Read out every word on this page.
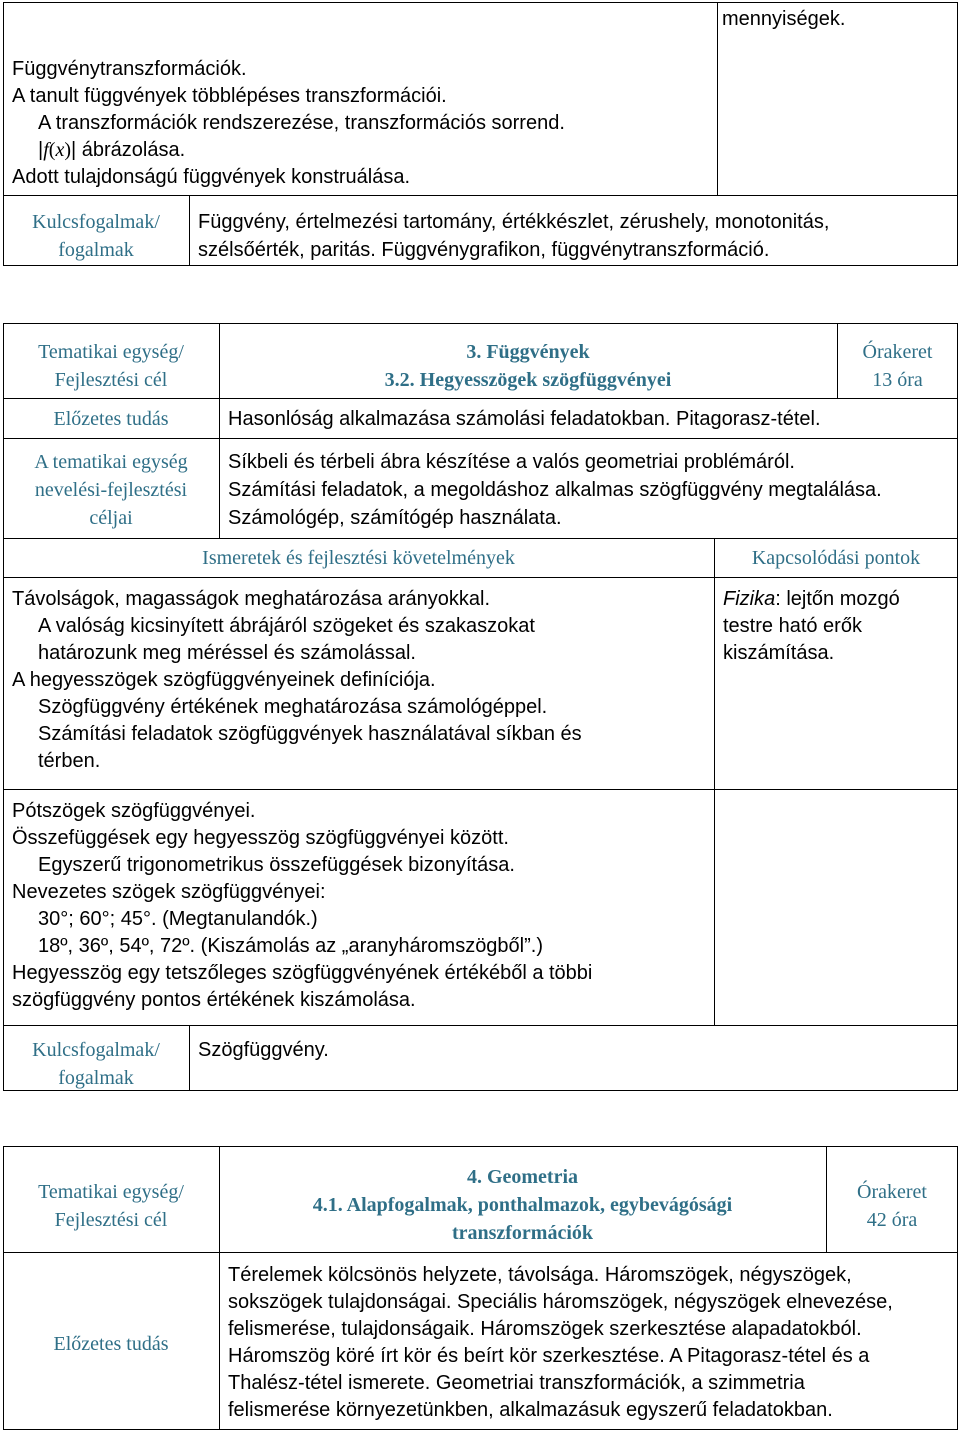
mennyiségek.
Függvénytranszformációk.
A tanult függvények többlépéses transzformációi.
A transzformációk rendszerezése, transzformációs sorrend.
​|f(x)| ábrázolása.
Adott tulajdonságú függvények konstruálása.
Kulcsfogalmak/
fogalmak
Függvény, értelmezési tartomány, értékkészlet, zérushely, monotonitás,
szélsőérték, paritás. Függvénygrafikon, függvénytranszformáció.
Tematikai egység/
Fejlesztési cél
3. Függvények
3.2. Hegyesszögek szögfüggvényei
Órakeret
13 óra
Előzetes tudás	Hasonlóság alkalmazása számolási feladatokban. Pitagorasz-tétel.
A tematikai egység
nevelési-fejlesztési
céljai
Síkbeli és térbeli ábra készítése a valós geometriai problémáról.
Számítási feladatok, a megoldáshoz alkalmas szögfüggvény megtalálása.
Számológép, számítógép használata.
Ismeretek és fejlesztési követelmények	Kapcsolódási pontok
Távolságok, magasságok meghatározása arányokkal.
A valóság kicsinyített ábrájáról szögeket és szakaszokat
határozunk meg méréssel és számolással.
A hegyesszögek szögfüggvényeinek definíciója.
Szögfüggvény értékének meghatározása számológéppel.
Számítási feladatok szögfüggvények használatával síkban és
térben.
Fizika: lejtőn mozgó
testre ható erők
kiszámítása.
Pótszögek szögfüggvényei.
Összefüggések egy hegyesszög szögfüggvényei között.
Egyszerű trigonometrikus összefüggések bizonyítása.
Nevezetes szögek szögfüggvényei:
30°; 60°; 45°. (Megtanulandók.)
18º, 36º, 54º, 72º. (Kiszámolás az „aranyháromszögből”.)
Hegyesszög egy tetszőleges szögfüggvényének értékéből a többi
szögfüggvény pontos értékének kiszámolása.
Kulcsfogalmak/
fogalmak
Szögfüggvény.
Tematikai egység/
Fejlesztési cél
4. Geometria
4.1. Alapfogalmak, ponthalmazok, egybevágósági
transzformációk
Órakeret
42 óra
Előzetes tudás
Térelemek kölcsönös helyzete, távolsága. Háromszögek, négyszögek,
sokszögek tulajdonságai. Speciális háromszögek, négyszögek elnevezése,
felismerése, tulajdonságaik. Háromszögek szerkesztése alapadatokból.
Háromszög köré írt kör és beírt kör szerkesztése. A Pitagorasz-tétel és a
Thalész-tétel ismerete. Geometriai transzformációk, a szimmetria
felismerése környezetünkben, alkalmazásuk egyszerű feladatokban.
